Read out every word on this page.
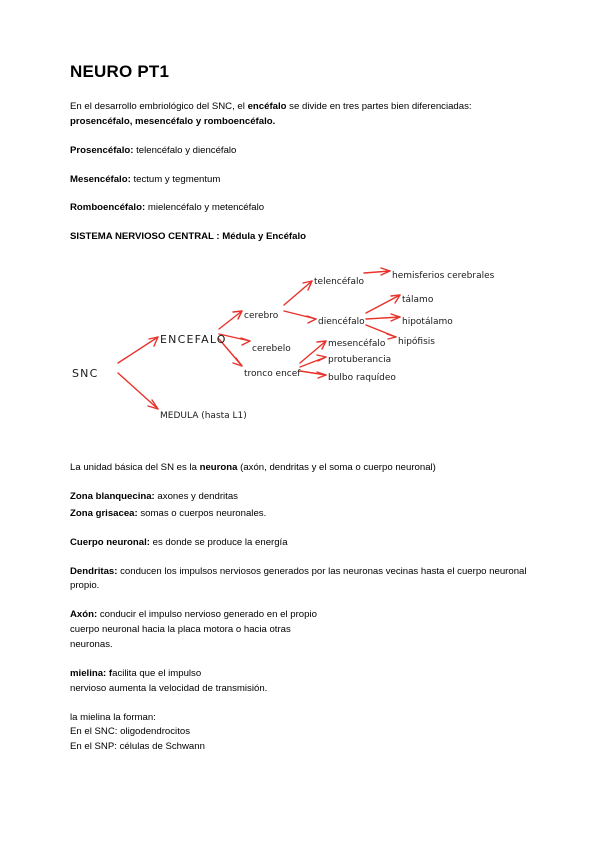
NEURO PT1

En el desarrollo embriológico del SNC, el encéfalo se divide en tres partes bien diferenciadas: prosencéfalo, mesencéfalo y romboencéfalo.

Prosencéfalo: telencéfalo y diencéfalo

Mesencéfalo: tectum y tegmentum

Romboencéfalo: mielencéfalo y metencéfalo

SISTEMA NERVIOSO CENTRAL : Médula y Encéfalo

SNC
ENCEFALO
MEDULA (hasta L1)
cerebro
cerebelo
tronco encef
telencéfalo
diencéfalo
mesencéfalo
protuberancia
bulbo raquídeo
hemisferios cerebrales
tálamo
hipotálamo
hipófisis

La unidad básica del SN es la neurona (axón, dendritas y el soma o cuerpo neuronal)

Zona blanquecina: axones y dendritas

Zona grisacea: somas o cuerpos neuronales.

Cuerpo neuronal: es donde se produce la energía

Dendritas: conducen los impulsos nerviosos generados por las neuronas vecinas hasta el cuerpo neuronal propio.

Axón: conducir el impulso nervioso generado en el propio
cuerpo neuronal hacia la placa motora o hacia otras
neuronas.

mielina: facilita que el impulso
nervioso aumenta la velocidad de transmisión.

la mielina la forman:
En el SNC: oligodendrocitos
En el SNP: células de Schwann
